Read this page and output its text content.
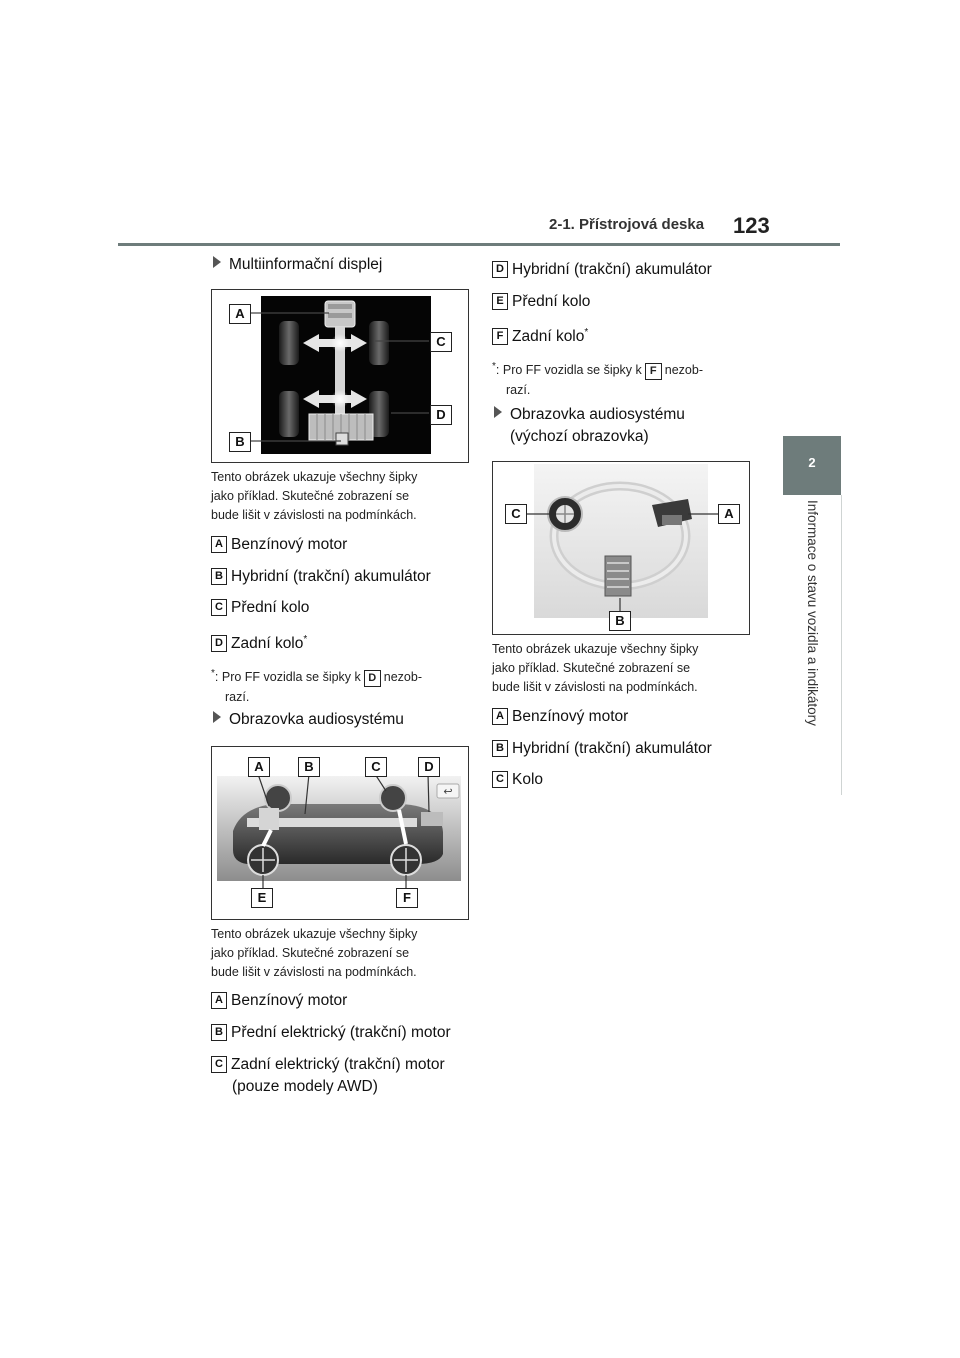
2-1. Přístrojová deska 123
2
Informace o stavu vozidla a indikátory
Multiinformační displej
A
C
D
B
Tento obrázek ukazuje všechny šipky
jako příklad. Skutečné zobrazení se
bude lišit v závislosti na podmínkách.
A Benzínový motor
B Hybridní (trakční) akumulátor
C Přední kolo
D Zadní kolo*
*: Pro FF vozidla se šipky k D nezob-
razí.
Obrazovka audiosystému
↩
A	B	C	D
E	F
Tento obrázek ukazuje všechny šipky
jako příklad. Skutečné zobrazení se
bude lišit v závislosti na podmínkách.
A Benzínový motor
B Přední elektrický (trakční) motor
C Zadní elektrický (trakční) motor
(pouze modely AWD)
D Hybridní (trakční) akumulátor
E Přední kolo
F Zadní kolo*
*: Pro FF vozidla se šipky k F nezob-
razí.
Obrazovka audiosystému
(výchozí obrazovka)
C	A
B
Tento obrázek ukazuje všechny šipky
jako příklad. Skutečné zobrazení se
bude lišit v závislosti na podmínkách.
A Benzínový motor
B Hybridní (trakční) akumulátor
C Kolo
